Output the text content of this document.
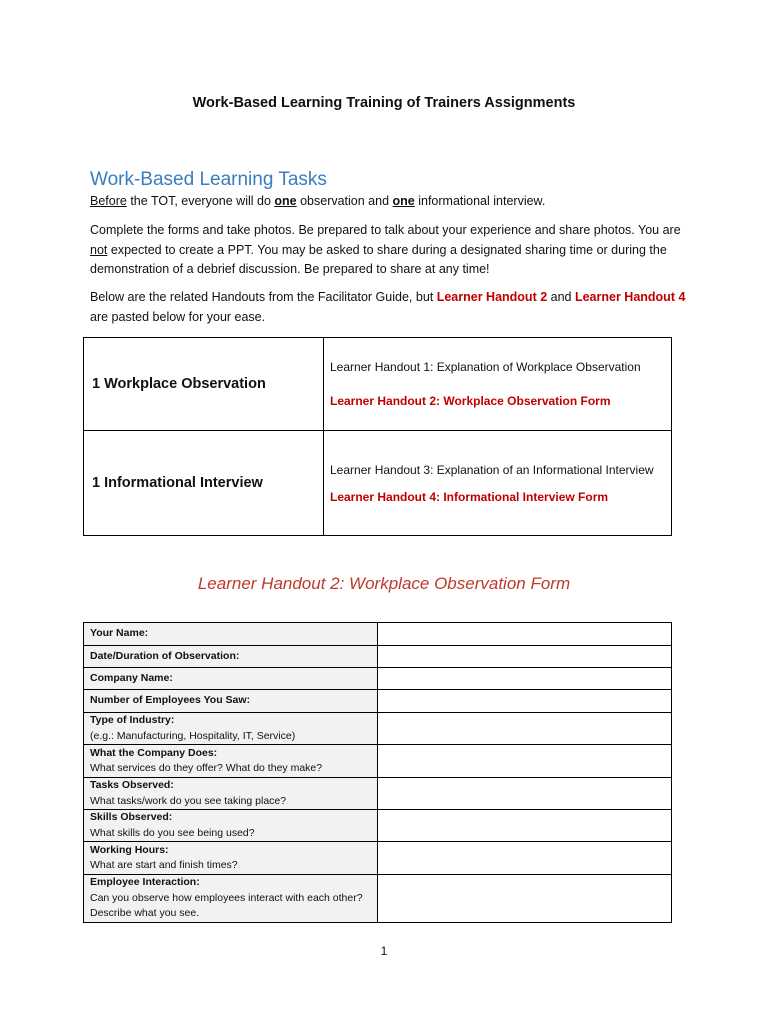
Work-Based Learning Training of Trainers Assignments
Work-Based Learning Tasks

Before the TOT, everyone will do one observation and one informational interview.

Complete the forms and take photos. Be prepared to talk about your experience and share photos. You are not expected to create a PPT. You may be asked to share during a designated sharing time or during the demonstration of a debrief discussion. Be prepared to share at any time!

Below are the related Handouts from the Facilitator Guide, but Learner Handout 2 and Learner Handout 4 are pasted below for your ease.

1 Workplace Observation	Learner Handout 1: Explanation of Workplace Observation
Learner Handout 2: Workplace Observation Form

1 Informational Interview	Learner Handout 3: Explanation of an Informational Interview
Learner Handout 4: Informational Interview Form
Learner Handout 2: Workplace Observation Form
Your Name:	

Date/Duration of Observation:	

Company Name:	

Number of Employees You Saw:	

Type of Industry:
(e.g.: Manufacturing, Hospitality, IT, Service)	

What the Company Does:
What services do they offer? What do they make?	

Tasks Observed:
What tasks/work do you see taking place?	

Skills Observed:
What skills do you see being used?	

Working Hours:
What are start and finish times?	

Employee Interaction:
Can you observe how employees interact with each other? Describe what you see.	

1
